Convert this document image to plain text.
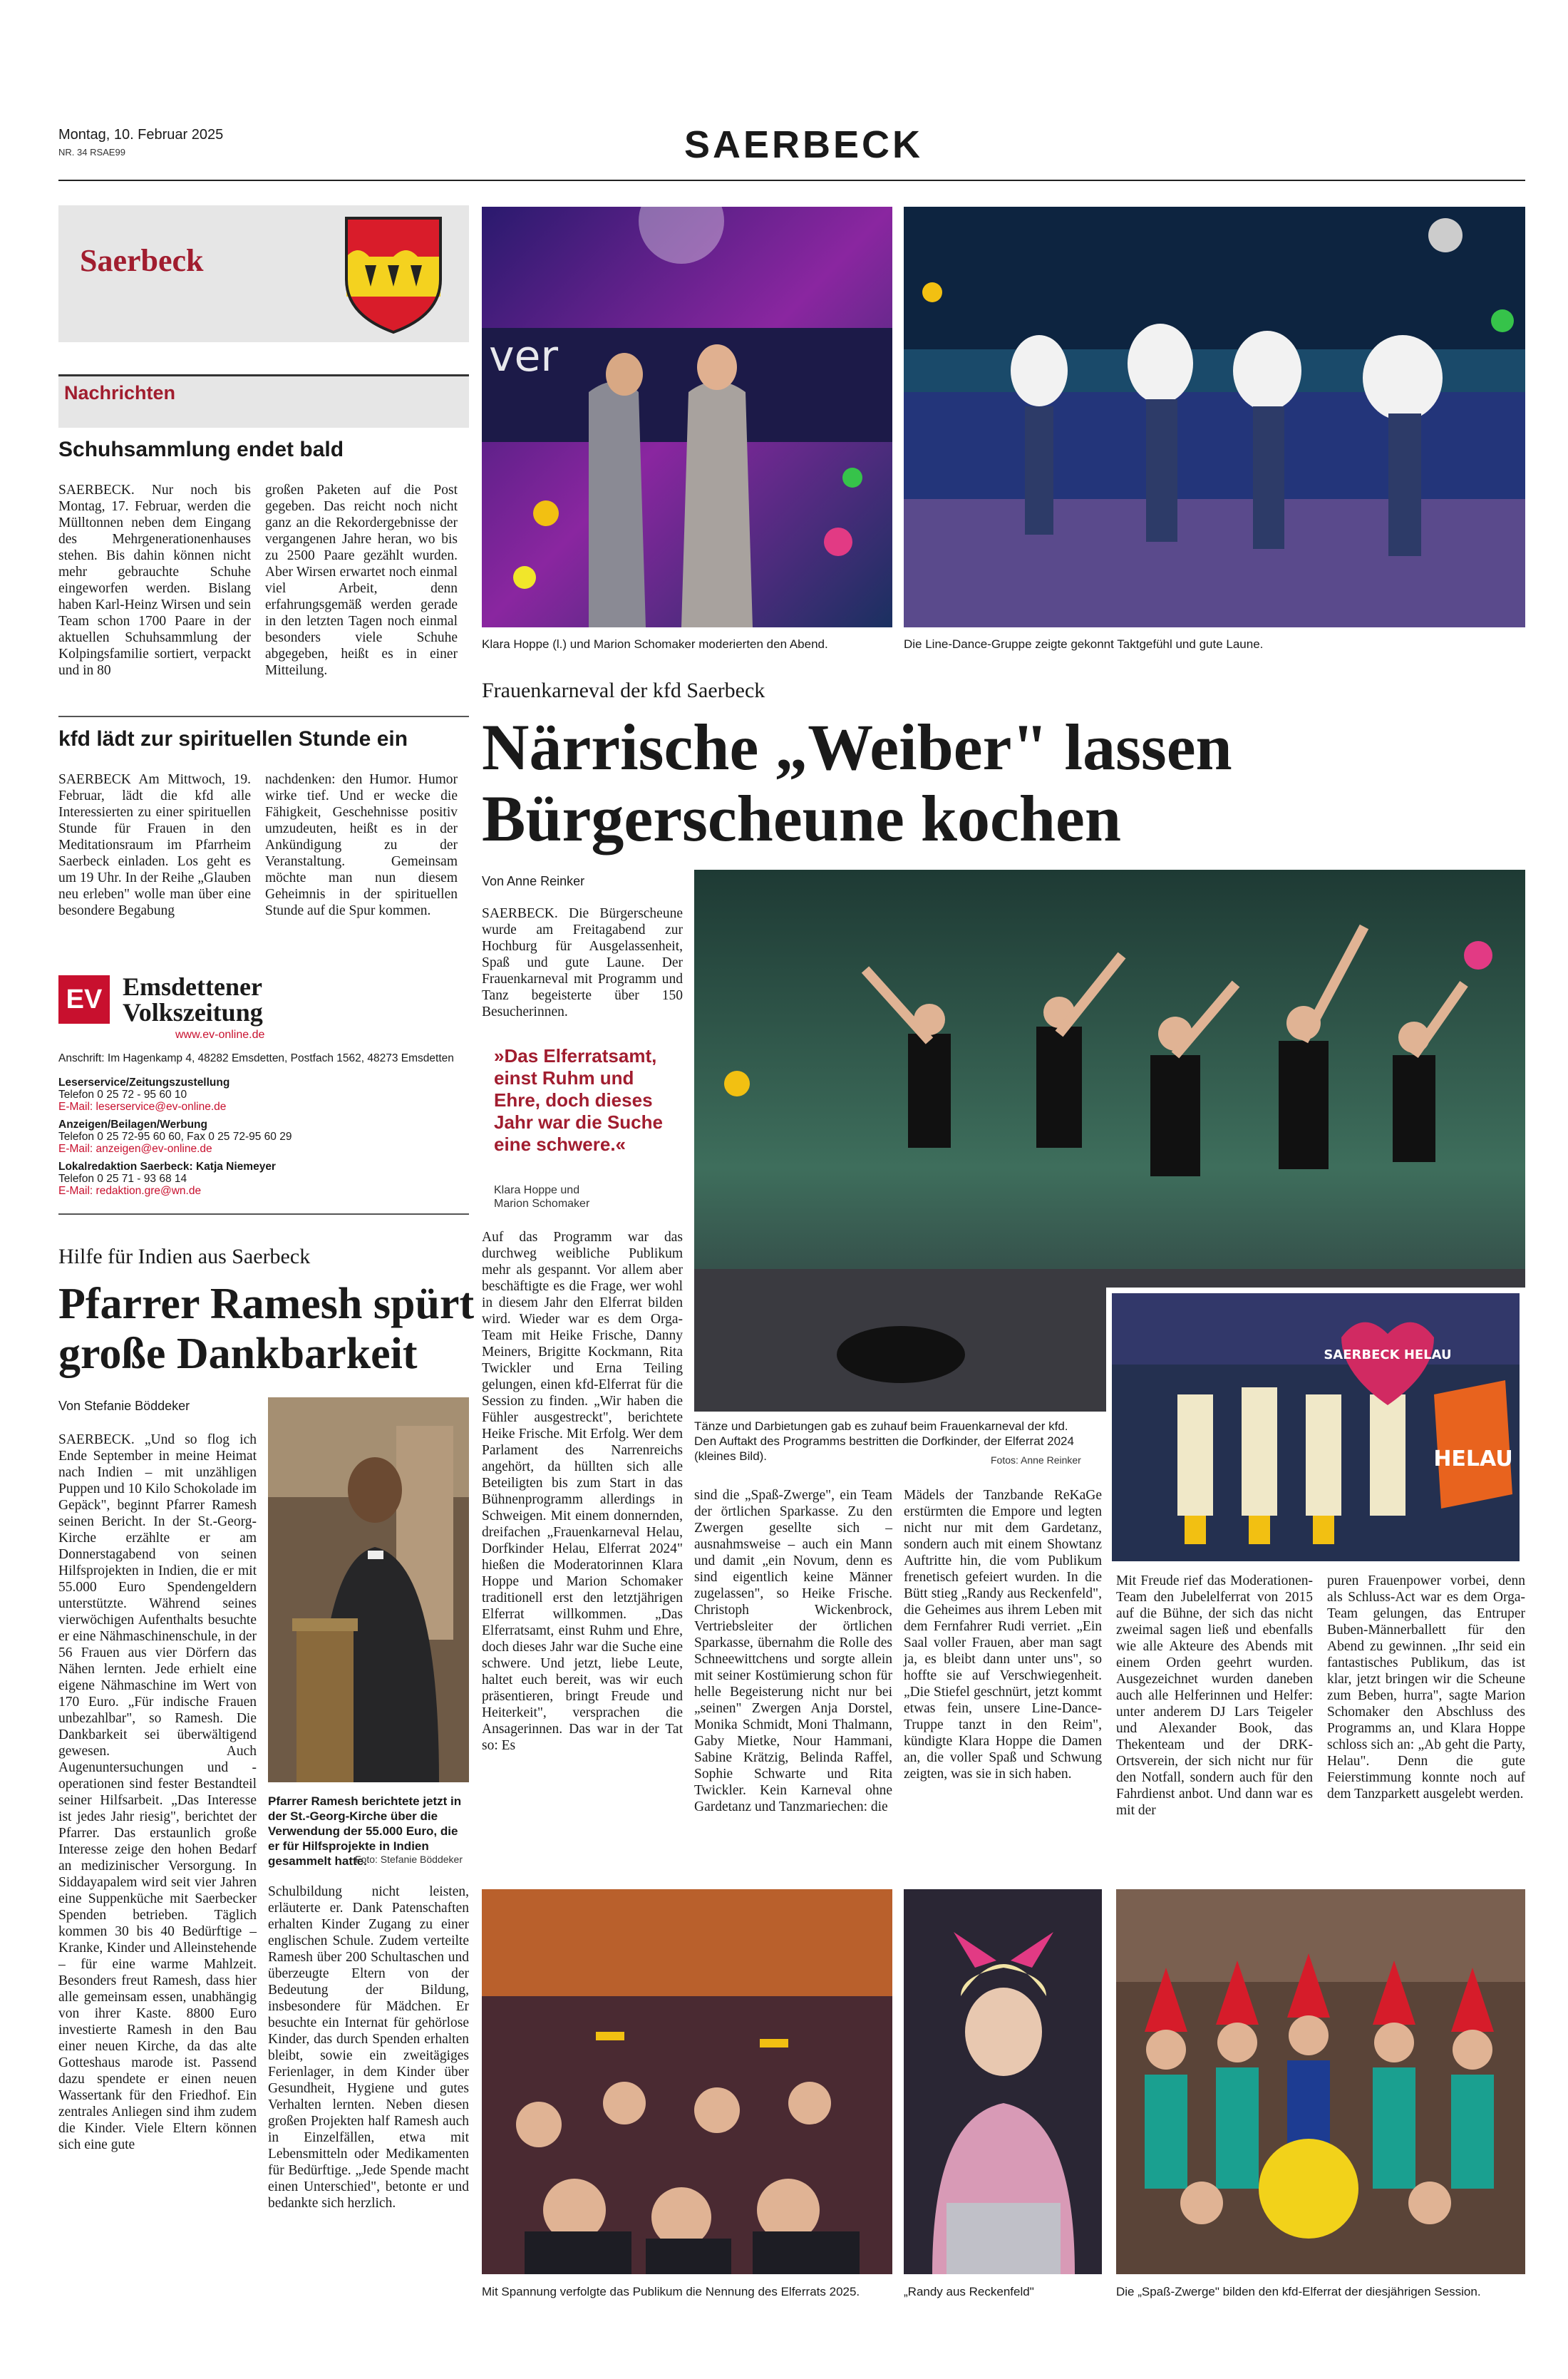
Montag, 10. Februar 2025
NR. 34 RSAE99	SAERBECK
Saerbeck
Nachrichten
Schuhsammlung endet bald
SAERBECK. Nur noch bis Montag, 17. Februar, werden die Mülltonnen neben dem Eingang des Mehrgenerationenhauses stehen. Bis dahin können nicht mehr gebrauchte Schuhe eingeworfen werden. Bislang haben Karl-Heinz Wirsen und sein Team schon 1700 Paare in der aktuellen Schuhsammlung der Kolpingsfamilie sortiert, verpackt und in 80
großen Paketen auf die Post gegeben. Das reicht noch nicht ganz an die Rekordergebnisse der vergangenen Jahre heran, wo bis zu 2500 Paare gezählt wurden. Aber Wirsen erwartet noch einmal viel Arbeit, denn erfahrungsgemäß werden gerade in den letzten Tagen noch einmal besonders viele Schuhe abgegeben, heißt es in einer Mitteilung.
kfd lädt zur spirituellen Stunde ein
SAERBECK Am Mittwoch, 19. Februar, lädt die kfd alle Interessierten zu einer spirituellen Stunde für Frauen in den Meditationsraum im Pfarrheim Saerbeck einladen. Los geht es um 19 Uhr. In der Reihe „Glauben neu erleben" wolle man über eine besondere Begabung
nachdenken: den Humor. Humor wirke tief. Und er wecke die Fähigkeit, Geschehnisse positiv umzudeuten, heißt es in der Ankündigung zu der Veranstaltung. Gemeinsam möchte man nun diesem Geheimnis in der spirituellen Stunde auf die Spur kommen.
EV Emsdettener
Volkszeitung
www.ev-online.de
Anschrift: Im Hagenkamp 4, 48282 Emsdetten, Postfach 1562, 48273 Emsdetten
Leserservice/Zeitungszustellung
Telefon 0 25 72 - 95 60 10
E-Mail: leserservice@ev-online.de
Anzeigen/Beilagen/Werbung
Telefon 0 25 72-95 60 60, Fax 0 25 72-95 60 29
E-Mail: anzeigen@ev-online.de
Lokalredaktion Saerbeck: Katja Niemeyer
Telefon 0 25 71 - 93 68 14
E-Mail: redaktion.gre@wn.de
Hilfe für Indien aus Saerbeck
Pfarrer Ramesh spürt
große Dankbarkeit
Von Stefanie Böddeker
SAERBECK. „Und so flog ich Ende September in meine Heimat nach Indien – mit unzähligen Puppen und 10 Kilo Schokolade im Gepäck", beginnt Pfarrer Ramesh seinen Bericht. In der St.-Georg-Kirche erzählte er am Donnerstagabend von seinen Hilfsprojekten in Indien, die er mit 55.000 Euro Spendengeldern unterstützte. Während seines vierwöchigen Aufenthalts besuchte er eine Nähmaschinenschule, in der 56 Frauen aus vier Dörfern das Nähen lernten. Jede erhielt eine eigene Nähmaschine im Wert von 170 Euro. „Für indische Frauen unbezahlbar", so Ramesh. Die Dankbarkeit sei überwältigend gewesen. Auch Augenuntersuchungen und -operationen sind fester Bestandteil seiner Hilfsarbeit. „Das Interesse ist jedes Jahr riesig", berichtet der Pfarrer. Das erstaunlich große Interesse zeige den hohen Bedarf an medizinischer Versorgung. In Siddayapalem wird seit vier Jahren eine Suppenküche mit Saerbecker Spenden betrieben. Täglich kommen 30 bis 40 Bedürftige – Kranke, Kinder und Alleinstehende – für eine warme Mahlzeit. Besonders freut Ramesh, dass hier alle gemeinsam essen, unabhängig von ihrer Kaste. 8800 Euro investierte Ramesh in den Bau einer neuen Kirche, da das alte Gotteshaus marode ist. Passend dazu spendete er einen neuen Wassertank für den Friedhof. Ein zentrales Anliegen sind ihm zudem die Kinder. Viele Eltern können sich eine gute
Pfarrer Ramesh berichtete jetzt in der St.-Georg-Kirche über die Verwendung der 55.000 Euro, die er für Hilfsprojekte in Indien gesammelt hatte.
Foto: Stefanie Böddeker
Schulbildung nicht leisten, erläuterte er. Dank Patenschaften erhalten Kinder Zugang zu einer englischen Schule. Zudem verteilte Ramesh über 200 Schultaschen und überzeugte Eltern von der Bedeutung der Bildung, insbesondere für Mädchen. Er besuchte ein Internat für gehörlose Kinder, das durch Spenden erhalten bleibt, sowie ein zweitägiges Ferienlager, in dem Kinder über Gesundheit, Hygiene und gutes Verhalten lernten. Neben diesen großen Projekten half Ramesh auch in Einzelfällen, etwa mit Lebensmitteln oder Medikamenten für Bedürftige. „Jede Spende macht einen Unterschied", betonte er und bedankte sich herzlich.
ver
Klara Hoppe (l.) und Marion Schomaker moderierten den Abend.	Die Line-Dance-Gruppe zeigte gekonnt Taktgefühl und gute Laune.
Frauenkarneval der kfd Saerbeck
Närrische „Weiber" lassen
Bürgerscheune kochen
Von Anne Reinker
SAERBECK. Die Bürgerscheune wurde am Freitagabend zur Hochburg für Ausgelassenheit, Spaß und gute Laune. Der Frauenkarneval mit Programm und Tanz begeisterte über 150 Besucherinnen.
»Das Elferratsamt, einst Ruhm und Ehre, doch dieses Jahr war die Suche eine schwere.«
Klara Hoppe und
Marion Schomaker
SAERBECK HELAU
HELAU
Tänze und Darbietungen gab es zuhauf beim Frauenkarneval der kfd. Den Auftakt des Programms bestritten die Dorfkinder, der Elferrat 2024 (kleines Bild).	Fotos: Anne Reinker
Auf das Programm war das durchweg weibliche Publikum mehr als gespannt. Vor allem aber beschäftigte es die Frage, wer wohl in diesem Jahr den Elferrat bilden wird. Wieder war es dem Orga-Team mit Heike Frische, Danny Meiners, Brigitte Kockmann, Rita Twickler und Erna Teiling gelungen, einen kfd-Elferrat für die Session zu finden. „Wir haben die Fühler ausgestreckt", berichtete Heike Frische. Mit Erfolg. Wer dem Parlament des Narrenreichs angehört, da hüllten sich alle Beteiligten bis zum Start in das Bühnenprogramm allerdings in Schweigen. Mit einem donnernden, dreifachen „Frauenkarneval Helau, Dorfkinder Helau, Elferrat 2024" hießen die Moderatorinnen Klara Hoppe und Marion Schomaker traditionell erst den letztjährigen Elferrat willkommen. „Das Elferratsamt, einst Ruhm und Ehre, doch dieses Jahr war die Suche eine schwere. Und jetzt, liebe Leute, haltet euch bereit, was wir euch präsentieren, bringt Freude und Heiterkeit", versprachen die Ansagerinnen. Das war in der Tat so: Es
sind die „Spaß-Zwerge", ein Team der örtlichen Sparkasse. Zu den Zwergen gesellte sich – ausnahmsweise – auch ein Mann und damit „ein Novum, denn es sind eigentlich keine Männer zugelassen", so Heike Frische. Christoph Wickenbrock, Vertriebsleiter der örtlichen Sparkasse, übernahm die Rolle des Schneewittchens und sorgte allein mit seiner Kostümierung schon für helle Begeisterung nicht nur bei „seinen" Zwergen Anja Dorstel, Monika Schmidt, Moni Thalmann, Gaby Mietke, Nour Hammani, Sabine Krätzig, Belinda Raffel, Sophie Schwarte und Rita Twickler. Kein Karneval ohne Gardetanz und Tanzmariechen: die
Mädels der Tanzbande ReKaGe erstürmten die Empore und legten nicht nur mit dem Gardetanz, sondern auch mit einem Showtanz Auftritte hin, die vom Publikum frenetisch gefeiert wurden. In die Bütt stieg „Randy aus Reckenfeld", die Geheimes aus ihrem Leben mit dem Fernfahrer Rudi verriet. „Ein Saal voller Frauen, aber man sagt ja, es bleibt dann unter uns", so hoffte sie auf Verschwiegenheit. „Die Stiefel geschnürt, jetzt kommt etwas fein, unsere Line-Dance-Truppe tanzt in den Reim", kündigte Klara Hoppe die Damen an, die voller Spaß und Schwung zeigten, was sie in sich haben.
Mit Freude rief das Moderationen-Team den Jubelelferrat von 2015 auf die Bühne, der sich das nicht zweimal sagen ließ und ebenfalls wie alle Akteure des Abends mit einem Orden geehrt wurden. Ausgezeichnet wurden daneben auch alle Helferinnen und Helfer: unter anderem DJ Lars Teigeler und Alexander Book, das Thekenteam und der DRK-Ortsverein, der sich nicht nur für den Notfall, sondern auch für den Fahrdienst anbot. Und dann war es mit der
puren Frauenpower vorbei, denn als Schluss-Act war es dem Orga-Team gelungen, das Entruper Buben-Männerballett für den Abend zu gewinnen. „Ihr seid ein fantastisches Publikum, das ist klar, jetzt bringen wir die Scheune zum Beben, hurra", sagte Marion Schomaker den Abschluss des Programms an, und Klara Hoppe schloss sich an: „Ab geht die Party, Helau". Denn die gute Feierstimmung konnte noch auf dem Tanzparkett ausgelebt werden.
Mit Spannung verfolgte das Publikum die Nennung des Elferrats 2025.	„Randy aus Reckenfeld"	Die „Spaß-Zwerge" bilden den kfd-Elferrat der diesjährigen Session.
